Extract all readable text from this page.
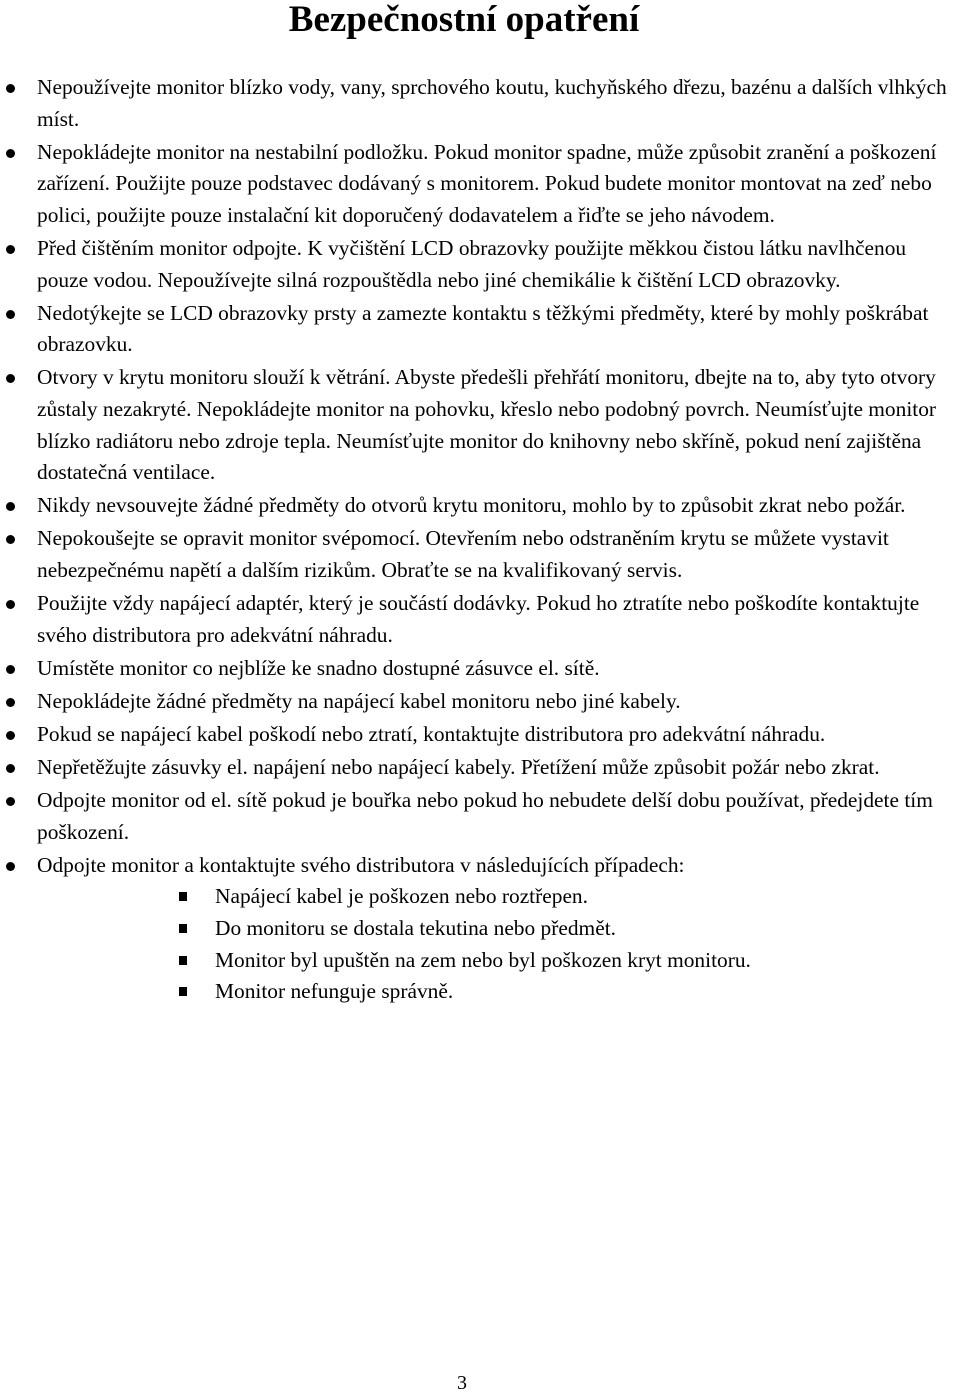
Bezpečnostní opatření
Nepoužívejte monitor blízko vody, vany, sprchového koutu, kuchyňského dřezu, bazénu a dalších vlhkých míst.
Nepokládejte monitor na nestabilní podložku. Pokud monitor spadne, může způsobit zranění a poškození zařízení. Použijte pouze podstavec dodávaný s monitorem. Pokud budete monitor montovat na zeď nebo polici, použijte pouze instalační kit doporučený dodavatelem a řiďte se jeho návodem.
Před čištěním monitor odpojte. K vyčištění LCD obrazovky použijte měkkou čistou látku navlhčenou pouze vodou. Nepoužívejte silná rozpouštědla nebo jiné chemikálie k čištění LCD obrazovky.
Nedotýkejte se LCD obrazovky prsty a zamezte kontaktu s těžkými předměty, které by mohly poškrábat obrazovku.
Otvory v krytu monitoru slouží k větrání. Abyste předešli přehřátí monitoru, dbejte na to, aby tyto otvory zůstaly nezakryté. Nepokládejte monitor na pohovku, křeslo nebo podobný povrch. Neumísťujte monitor blízko radiátoru nebo zdroje tepla. Neumísťujte monitor do knihovny nebo skříně, pokud není zajištěna dostatečná ventilace.
Nikdy nevsouvejte žádné předměty do otvorů krytu monitoru, mohlo by to způsobit zkrat nebo požár.
Nepokoušejte se opravit monitor svépomocí. Otevřením nebo odstraněním krytu se můžete vystavit nebezpečnému napětí a dalším rizikům. Obraťte se na kvalifikovaný servis.
Použijte vždy napájecí adaptér, který je součástí dodávky. Pokud ho ztratíte nebo poškodíte kontaktujte svého distributora pro adekvátní náhradu.
Umístěte monitor co nejblíže ke snadno dostupné zásuvce el. sítě.
Nepokládejte žádné předměty na napájecí kabel monitoru nebo jiné kabely.
Pokud se napájecí kabel poškodí nebo ztratí, kontaktujte distributora pro adekvátní náhradu.
Nepřetěžujte zásuvky el. napájení nebo napájecí kabely. Přetížení může způsobit požár nebo zkrat.
Odpojte monitor od el. sítě pokud je bouřka nebo pokud ho nebudete delší dobu používat, předejdete tím poškození.
Odpojte monitor a kontaktujte svého distributora v následujících případech:
Napájecí kabel je poškozen nebo roztřepen.
Do monitoru se dostala tekutina nebo předmět.
Monitor byl upuštěn na zem nebo byl poškozen kryt monitoru.
Monitor nefunguje správně.
3
